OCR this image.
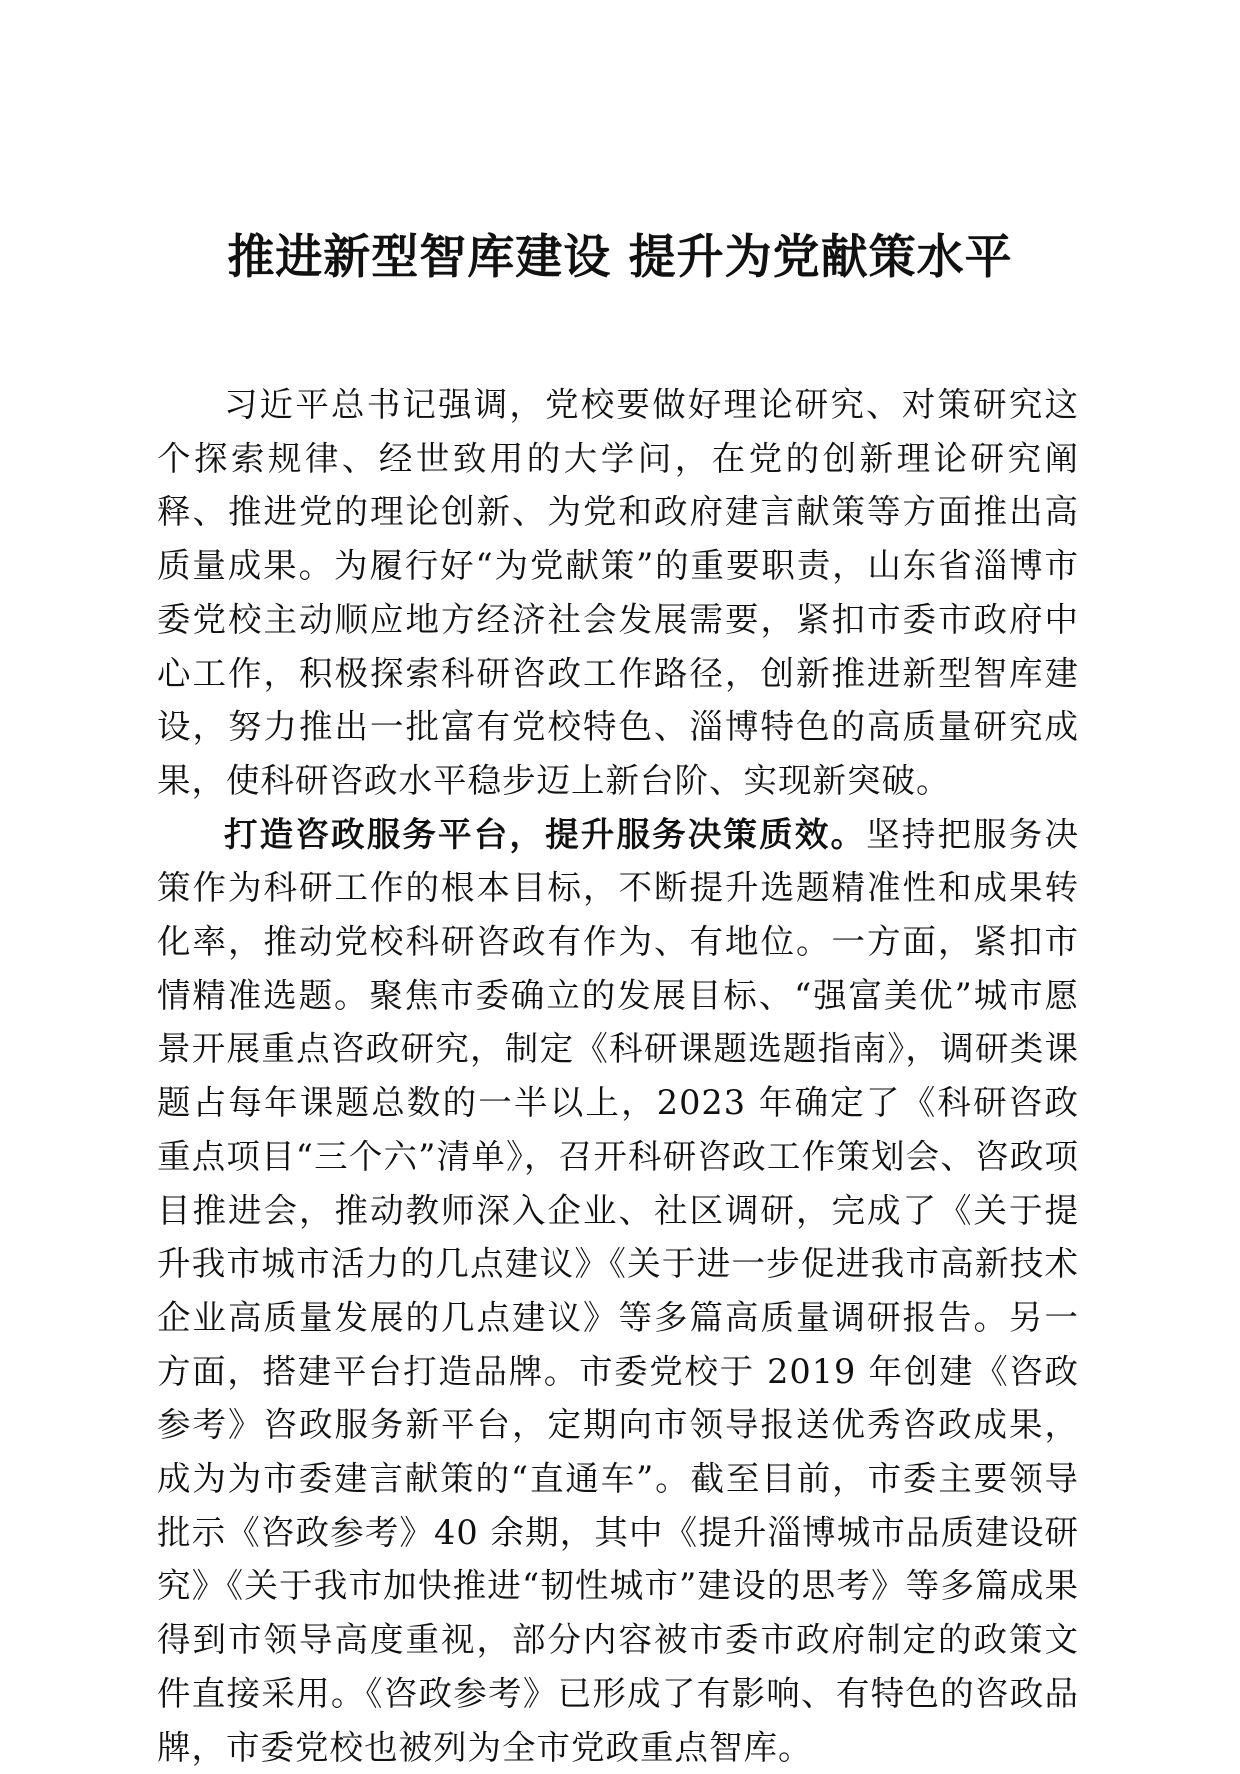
推进新型智库建设 提升为党献策水平

习近平总书记强调，党校要做好理论研究、对策研究这个探索规律、经世致用的大学问，在党的创新理论研究阐释、推进党的理论创新、为党和政府建言献策等方面推出高质量成果。为履行好“为党献策”的重要职责，山东省淄博市委党校主动顺应地方经济社会发展需要，紧扣市委市政府中心工作，积极探索科研咨政工作路径，创新推进新型智库建设，努力推出一批富有党校特色、淄博特色的高质量研究成果，使科研咨政水平稳步迈上新台阶、实现新突破。

打造咨政服务平台，提升服务决策质效。坚持把服务决策作为科研工作的根本目标，不断提升选题精准性和成果转化率，推动党校科研咨政有作为、有地位。一方面，紧扣市情精准选题。聚焦市委确立的发展目标、“强富美优”城市愿景开展重点咨政研究，制定《科研课题选题指南》，调研类课题占每年课题总数的一半以上，2023 年确定了《科研咨政重点项目“三个六”清单》，召开科研咨政工作策划会、咨政项目推进会，推动教师深入企业、社区调研，完成了《关于提升我市城市活力的几点建议》《关于进一步促进我市高新技术企业高质量发展的几点建议》等多篇高质量调研报告。另一方面，搭建平台打造品牌。市委党校于 2019 年创建《咨政参考》咨政服务新平台，定期向市领导报送优秀咨政成果，成为为市委建言献策的“直通车”。截至目前，市委主要领导批示《咨政参考》40 余期，其中《提升淄博城市品质建设研究》《关于我市加快推进“韧性城市”建设的思考》等多篇成果得到市领导高度重视，部分内容被市委市政府制定的政策文件直接采用。《咨政参考》已形成了有影响、有特色的咨政品牌，市委党校也被列为全市党政重点智库。
